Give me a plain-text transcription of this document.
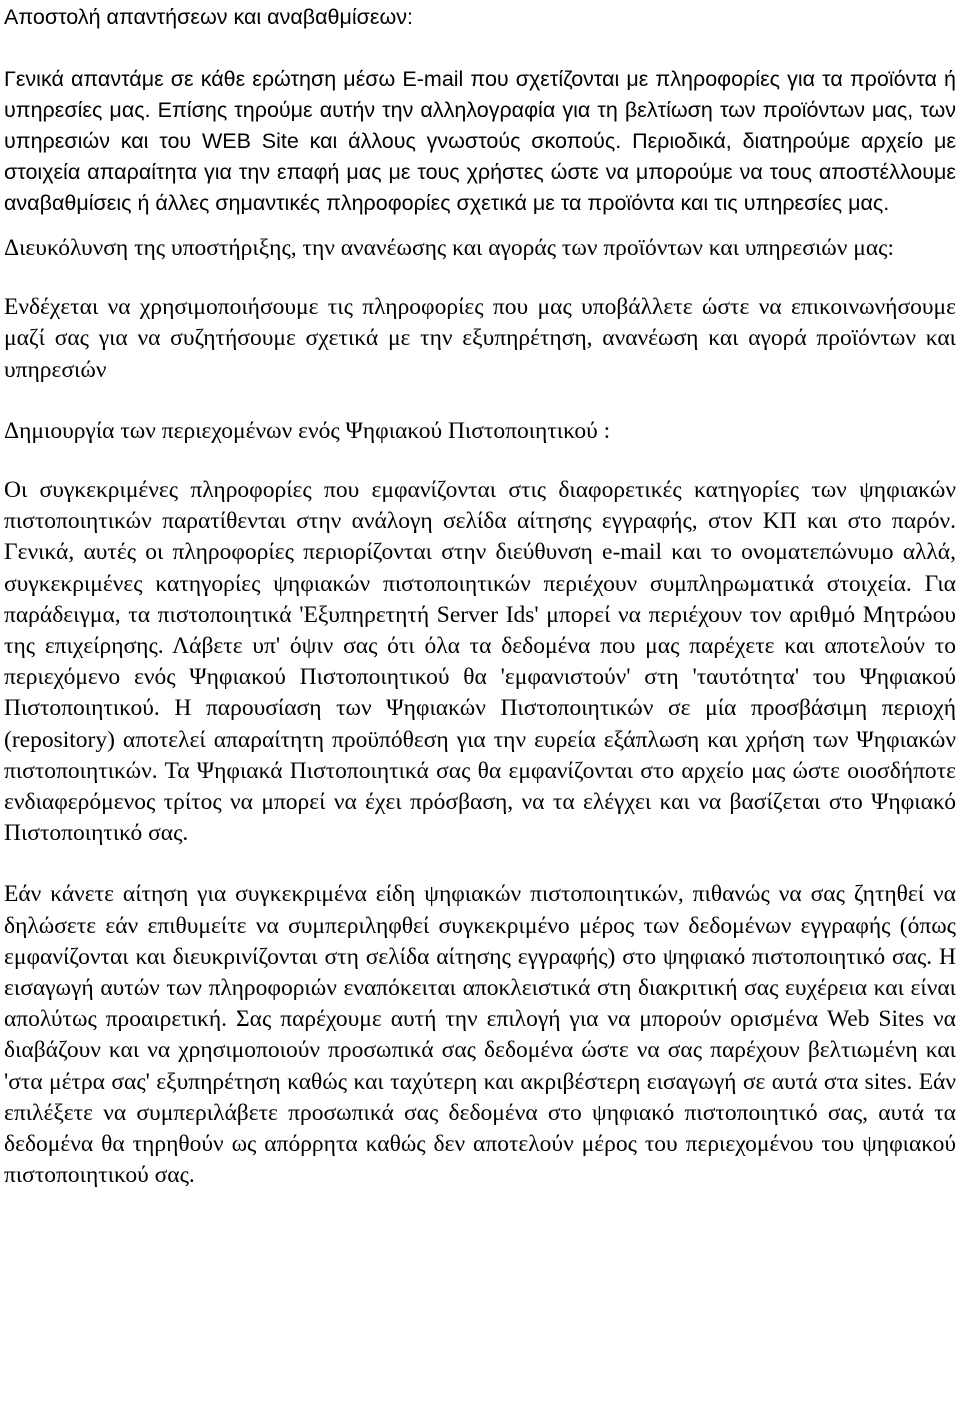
Αποστολή απαντήσεων και αναβαθμίσεων:

Γενικά απαντάμε σε κάθε ερώτηση μέσω E-mail που σχετίζονται με πληροφορίες για τα προϊόντα ή υπηρεσίες μας. Επίσης τηρούμε αυτήν την αλληλογραφία για τη βελτίωση των προϊόντων μας, των υπηρεσιών και του WEB Site και άλλους γνωστούς σκοπούς. Περιοδικά, διατηρούμε αρχείο με στοιχεία απαραίτητα για την επαφή μας με τους χρήστες ώστε να μπορούμε να τους αποστέλλουμε αναβαθμίσεις ή άλλες σημαντικές πληροφορίες σχετικά με τα προϊόντα και τις υπηρεσίες μας.

Διευκόλυνση της υποστήριξης, την ανανέωσης και αγοράς των προϊόντων και υπηρεσιών μας:

Ενδέχεται να χρησιμοποιήσουμε τις πληροφορίες που μας υποβάλλετε ώστε να επικοινωνήσουμε μαζί σας για να συζητήσουμε σχετικά με την εξυπηρέτηση, ανανέωση και αγορά προϊόντων και υπηρεσιών

Δημιουργία των περιεχομένων ενός Ψηφιακού Πιστοποιητικού :

Οι συγκεκριμένες πληροφορίες που εμφανίζονται στις διαφορετικές κατηγορίες των ψηφιακών πιστοποιητικών παρατίθενται στην ανάλογη σελίδα αίτησης εγγραφής, στον ΚΠ και στο παρόν. Γενικά, αυτές οι πληροφορίες περιορίζονται στην διεύθυνση e-mail και το ονοματεπώνυμο αλλά, συγκεκριμένες κατηγορίες ψηφιακών πιστοποιητικών περιέχουν συμπληρωματικά στοιχεία. Για παράδειγμα, τα πιστοποιητικά 'Εξυπηρετητή Server Ids' μπορεί να περιέχουν τον αριθμό Μητρώου της επιχείρησης. Λάβετε υπ' όψιν σας ότι όλα τα δεδομένα που μας παρέχετε και αποτελούν το περιεχόμενο ενός Ψηφιακού Πιστοποιητικού θα 'εμφανιστούν' στη 'ταυτότητα' του Ψηφιακού Πιστοποιητικού. Η παρουσίαση των Ψηφιακών Πιστοποιητικών σε μία προσβάσιμη περιοχή (repository) αποτελεί απαραίτητη προϋπόθεση για την ευρεία εξάπλωση και χρήση των Ψηφιακών πιστοποιητικών. Τα Ψηφιακά Πιστοποιητικά σας θα εμφανίζονται στο αρχείο μας ώστε οιοσδήποτε ενδιαφερόμενος τρίτος να μπορεί να έχει πρόσβαση, να τα ελέγχει και να βασίζεται στο Ψηφιακό Πιστοποιητικό σας.

Εάν κάνετε αίτηση για συγκεκριμένα είδη ψηφιακών πιστοποιητικών, πιθανώς να σας ζητηθεί να δηλώσετε εάν επιθυμείτε να συμπεριληφθεί συγκεκριμένο μέρος των δεδομένων εγγραφής (όπως εμφανίζονται και διευκρινίζονται στη σελίδα αίτησης εγγραφής) στο ψηφιακό πιστοποιητικό σας. Η εισαγωγή αυτών των πληροφοριών εναπόκειται αποκλειστικά στη διακριτική σας ευχέρεια και είναι απολύτως προαιρετική. Σας παρέχουμε αυτή την επιλογή για να μπορούν ορισμένα Web Sites να διαβάζουν και να χρησιμοποιούν προσωπικά σας δεδομένα ώστε να σας παρέχουν βελτιωμένη και 'στα μέτρα σας' εξυπηρέτηση καθώς και ταχύτερη και ακριβέστερη εισαγωγή σε αυτά στα sites. Εάν επιλέξετε να συμπεριλάβετε προσωπικά σας δεδομένα στο ψηφιακό πιστοποιητικό σας, αυτά τα δεδομένα θα τηρηθούν ως απόρρητα καθώς δεν αποτελούν μέρος του περιεχομένου του ψηφιακού πιστοποιητικού σας.
